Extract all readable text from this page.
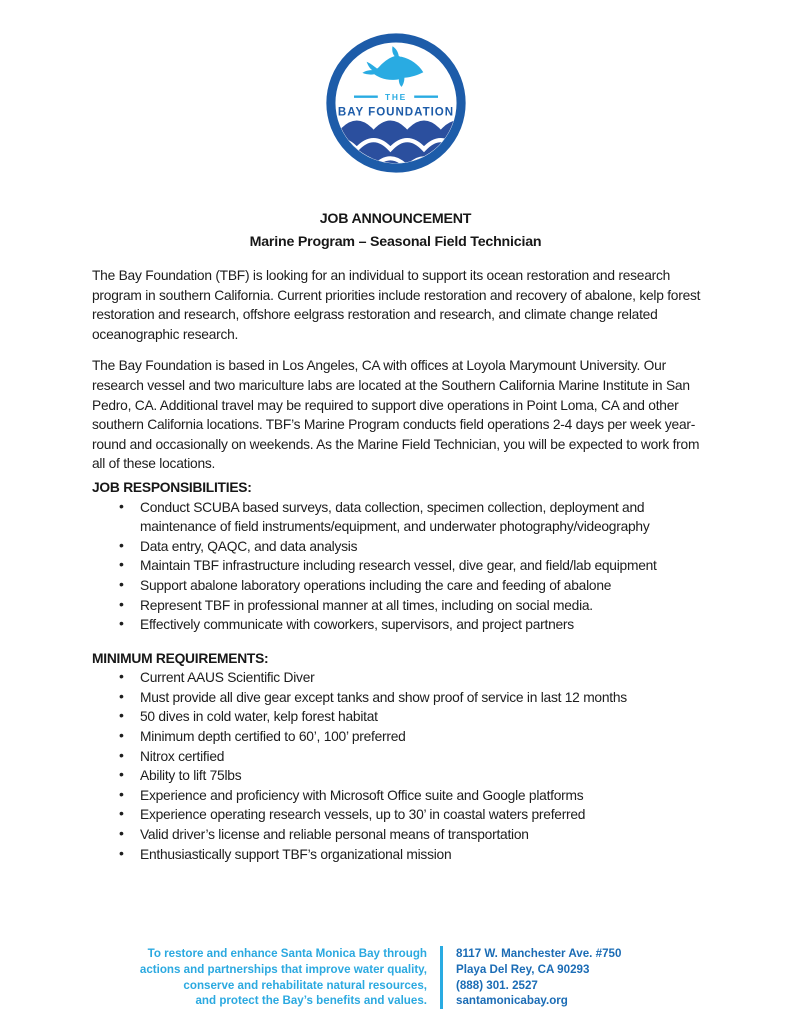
THE
BAY FOUNDATION
JOB ANNOUNCEMENT
Marine Program – Seasonal Field Technician

The Bay Foundation (TBF) is looking for an individual to support its ocean restoration and research program in southern California. Current priorities include restoration and recovery of abalone, kelp forest restoration and research, offshore eelgrass restoration and research, and climate change related oceanographic research.

The Bay Foundation is based in Los Angeles, CA with offices at Loyola Marymount University. Our research vessel and two mariculture labs are located at the Southern California Marine Institute in San Pedro, CA. Additional travel may be required to support dive operations in Point Loma, CA and other southern California locations. TBF’s Marine Program conducts field operations 2-4 days per week year-round and occasionally on weekends. As the Marine Field Technician, you will be expected to work from all of these locations.

JOB RESPONSIBILITIES:

• Conduct SCUBA based surveys, data collection, specimen collection, deployment and maintenance of field instruments/equipment, and underwater photography/videography
• Data entry, QAQC, and data analysis
• Maintain TBF infrastructure including research vessel, dive gear, and field/lab equipment
• Support abalone laboratory operations including the care and feeding of abalone
• Represent TBF in professional manner at all times, including on social media.
• Effectively communicate with coworkers, supervisors, and project partners

MINIMUM REQUIREMENTS:

• Current AAUS Scientific Diver
• Must provide all dive gear except tanks and show proof of service in last 12 months
• 50 dives in cold water, kelp forest habitat
• Minimum depth certified to 60’, 100’ preferred
• Nitrox certified
• Ability to lift 75lbs
• Experience and proficiency with Microsoft Office suite and Google platforms
• Experience operating research vessels, up to 30’ in coastal waters preferred
• Valid driver’s license and reliable personal means of transportation
• Enthusiastically support TBF’s organizational mission
To restore and enhance Santa Monica Bay through
actions and partnerships that improve water quality,
conserve and rehabilitate natural resources,
and protect the Bay’s benefits and values.
8117 W. Manchester Ave. #750
Playa Del Rey, CA 90293
(888) 301. 2527
santamonicabay.org
